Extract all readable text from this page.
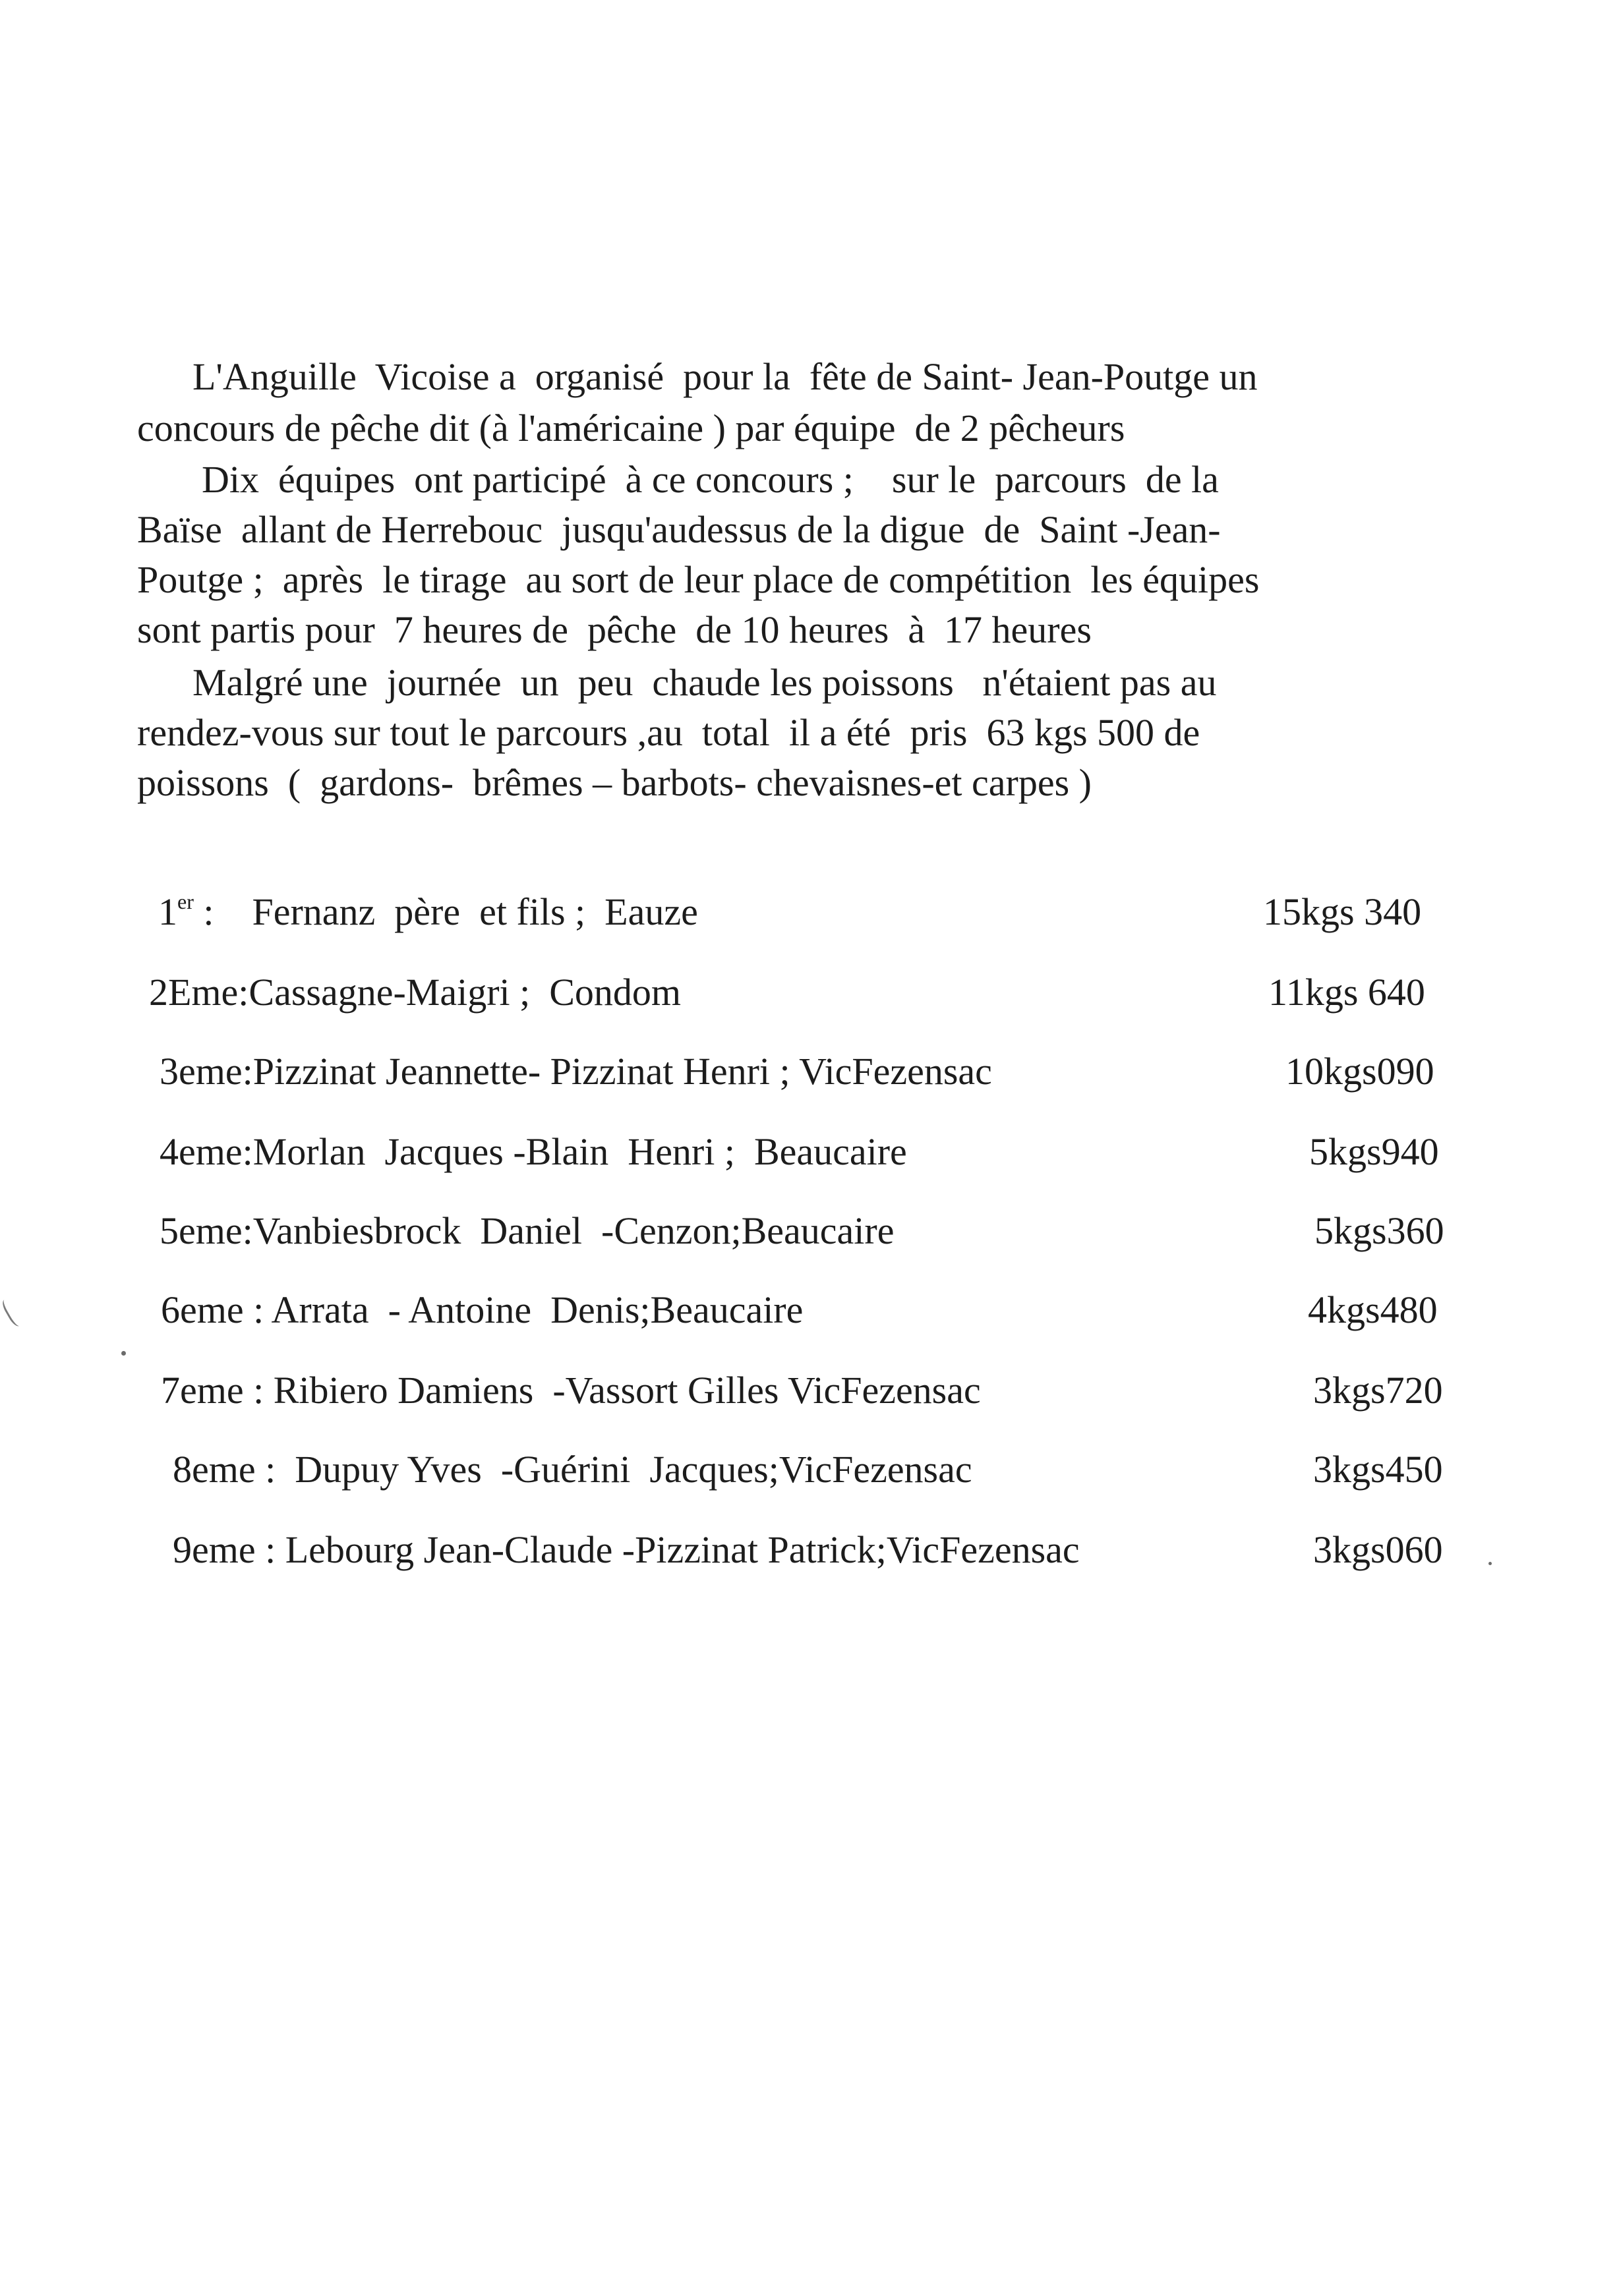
L'Anguille  Vicoise a  organisé  pour la  fête de Saint- Jean-Poutge un
concours de pêche dit (à l'américaine ) par équipe  de 2 pêcheurs
Dix  équipes  ont participé  à ce concours ;    sur le  parcours  de la
Baïse  allant de Herrebouc  jusqu'audessus de la digue  de  Saint -Jean-
Poutge ;  après  le tirage  au sort de leur place de compétition  les équipes
sont partis pour  7 heures de  pêche  de 10 heures  à  17 heures
Malgré une  journée  un  peu  chaude les poissons   n'étaient pas au
rendez-vous sur tout le parcours ,au  total  il a été  pris  63 kgs 500 de
poissons  (  gardons-  brêmes – barbots- chevaisnes-et carpes )
1er :    Fernanz  père  et fils ;  Eauze	15kgs 340
2Eme:Cassagne-Maigri ;  Condom	11kgs 640
3eme:Pizzinat Jeannette- Pizzinat Henri ; VicFezensac	10kgs090
4eme:Morlan  Jacques -Blain  Henri ;  Beaucaire	5kgs940
5eme:Vanbiesbrock  Daniel  -Cenzon;Beaucaire	5kgs360
6eme : Arrata  - Antoine  Denis;Beaucaire	4kgs480
7eme : Ribiero Damiens  -Vassort Gilles VicFezensac	3kgs720
8eme :  Dupuy Yves  -Guérini  Jacques;VicFezensac	3kgs450
9eme : Lebourg Jean-Claude -Pizzinat Patrick;VicFezensac	3kgs060
